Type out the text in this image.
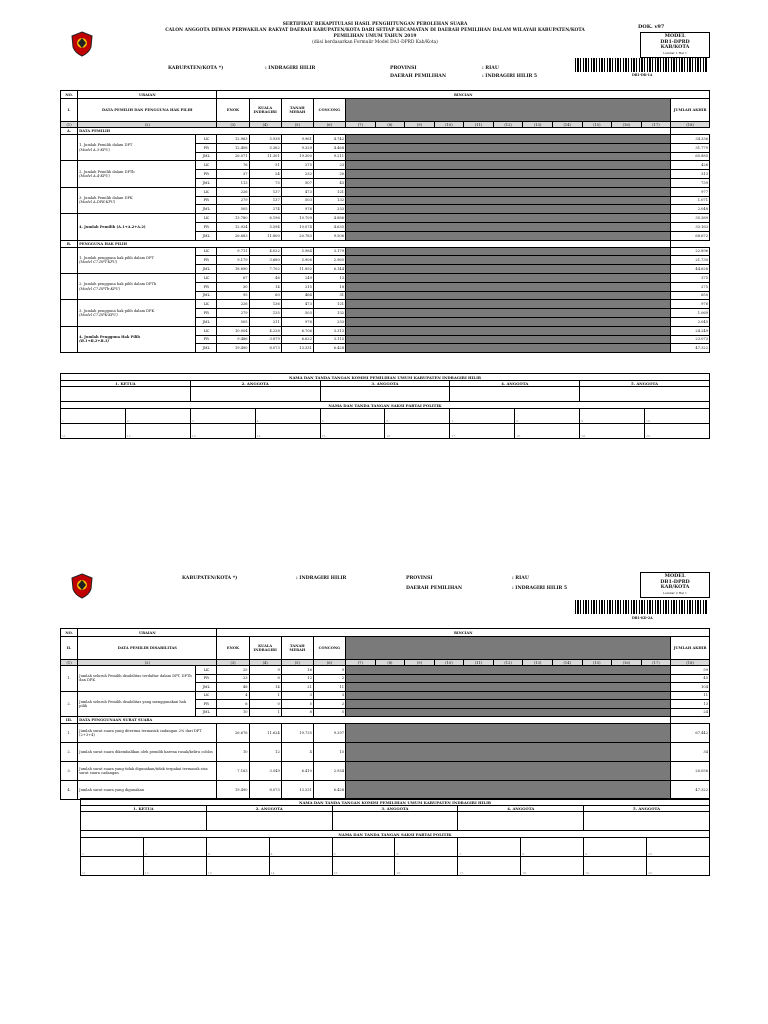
SERTIFIKAT REKAPITULASI HASIL PENGHITUNGAN PEROLEHAN SUARA
CALON ANGGOTA DEWAN PERWAKILAN RAKYAT DAERAH KABUPATEN/KOTA DARI SETIAP KECAMATAN DI DAERAH PEMILIHAN DALAM WILAYAH KABUPATEN/KOTA
PEMILIHAN UMUM TAHUN 2019
(diisi berdasarkan Formulir Model DA1-DPRD Kab/Kota)
DOK. v97
MODEL
DB1-DPRD
KAB/KOTA
Lembar 1 Hal 1
DB1-DK-1A
KABUPATEN/KOTA *)	: INDRAGIRI HILIR	PROVINSI	: RIAU
DAERAH PEMILIHAN	: INDRAGIRI HILIR 5
NO.	URAIAN		RINCIAN															
I.	DATA PEMILIH DAN PENGGUNA HAK PILIH		ENOK	KUALA INDRAGIRI	TANAH MERAH	CONCONG												JUMLAH AKHIR
(1)	(2)		(3)	(4)	(5)	(6)	(7)	(8)	(9)	(10)	(11)	(12)	(13)	(14)	(15)	(16)	(17)	(18)
A.	DATA PEMILIH																	

	1. Jumlah Pemilih dalam DPT
(Model A.3-KPU)	LK	12.963	5.938	9.961	4.742												34.336
		PR	12.408	5.362	9.329	4.468												31.779
		JML	26.071	11.301	19.300	9.211												65.885

	2. Jumlah Pemilih dalam DPTb
(Model A.4-KPU)	LK	76	51	275	23												426
		PR	37	24	232	20												313
		JML	113	75	507	43												739

	3. Jumlah Pemilih dalam DPK
(Model A.DPK-KPU)	LK	226	137	473	121												977
		PR	279	137	503	132												1.071
		JML	505	274	976	253												2.048

	4. Jumlah Pemilih (A.1+A.2+A.2)	LK	13.780	6.196	10.709	4.886												35.389
		PR	12.924	5.594	10.074	4.635												33.163
		JML	26.683	11.800	20.783	9.506												68.672
B.	PENGGUNA HAK PILIH																	

	1. Jumlah pengguna hak pilih dalam DPT
(Model C7.DPT-KPU)	LK	9.711	4.022	5.984	3.179												22.896
		PR	9.179	3.680	5.906	2.965												21.730
		JML	18.890	7.702	11.892	6.144												44.628

	2. Jumlah pengguna hak pilih dalam DPTb
(Model C7.DPTb-KPU)	LK	67	46	249	13												375
		PR	30	14	215	18												275
		JML	95	60	464	31												650

	3. Jumlah pengguna hak pilih dalam DPK
(Model C7.DPK-KPU)	LK	226	136	473	121												976
		PR	279	135	503	132												1.069
		JML	505	211	976	253												2.045

	4. Jumlah Pengguna Hak Pilih
(B.1+B.2+B.3)	LK	10.004	4.228	6.706	3.313												24.249
		PR	9.486	3.879	6.622	3.115												23.073
		JML	19.490	8.073	13.331	6.428												47.322
NAMA DAN TANDA TANGAN KOMISI PEMILIHAN UMUM KABUPATEN INDRAGIRI HILIR									
1. KETUA		2. ANGGOTA		3. ANGGOTA		4. ANGGOTA		5. ANGGOTA	

NAMA DAN TANDA TANGAN SAKSI PARTAI POLITIK									
1.	2.	3.	4.	5.	6.	7.	8.	9.	10.
11.	12.	13.	14.	15.	16.	17.	18.	19.	20.
KABUPATEN/KOTA *)	: INDRAGIRI HILIR	PROVINSI	: RIAU
DAERAH PEMILIHAN	: INDRAGIRI HILIR 5
MODEL
DB1-DPRD
KAB/KOTA
Lembar 2 Hal 1
DB1-KD-2A
NO.	URAIAN		RINCIAN															
II.	DATA PEMILIH DISABILITAS		ENOK	KUALA INDRAGIRI	TANAH MERAH	CONCONG												JUMLAH AKHIR
(1)	(2)		(3)	(4)	(5)	(6)	(7)	(8)	(9)	(10)	(11)	(12)	(13)	(14)	(15)	(16)	(17)	(18)
1.	Jumlah seluruh Pemilih disabilitas terdaftar dalam DPT, DPTb dan DPK	LK	25	9	16	9												59
		PR	23	8	12	2												45
		JML	48	14	21	11												104
2.	Jumlah seluruh Pemilih disabilitas yang menggunakan hak pilih	LK	4	1	3	3												11
		PR	6	0	5	2												13
		JML	10	1	8	5												24
III.	DATA PENGGUNAAN SURAT SUARA																	
1.	Jumlah surat suara yang diterima termasuk cadangan 2% dari DPT (2+3+4)		26.676	11.624	19.735	9.297												67.442
2.	Jumlah surat suara dikembalikan oleh pemilih karena rusak/keliru coblos		10	12	4	15												34
3.	Jumlah surat suara yang tidak digunakan/tidak terpakai termasuk sisa surat suara cadangan		7.163	3.549	6.410	2.934												20.056
4.	Jumlah surat suara yang digunakan		19.490	8.073	13.331	6.428												47.322
NAMA DAN TANDA TANGAN KOMISI PEMILIHAN UMUM KABUPATEN INDRAGIRI HILIR									
1. KETUA		2. ANGGOTA		3. ANGGOTA		4. ANGGOTA		5. ANGGOTA	

NAMA DAN TANDA TANGAN SAKSI PARTAI POLITIK									
1.	2.	3.	4.	5.	6.	7.	8.	9.	10.
11.	12.	13.	14.	15.	16.	17.	18.	19.	20.
